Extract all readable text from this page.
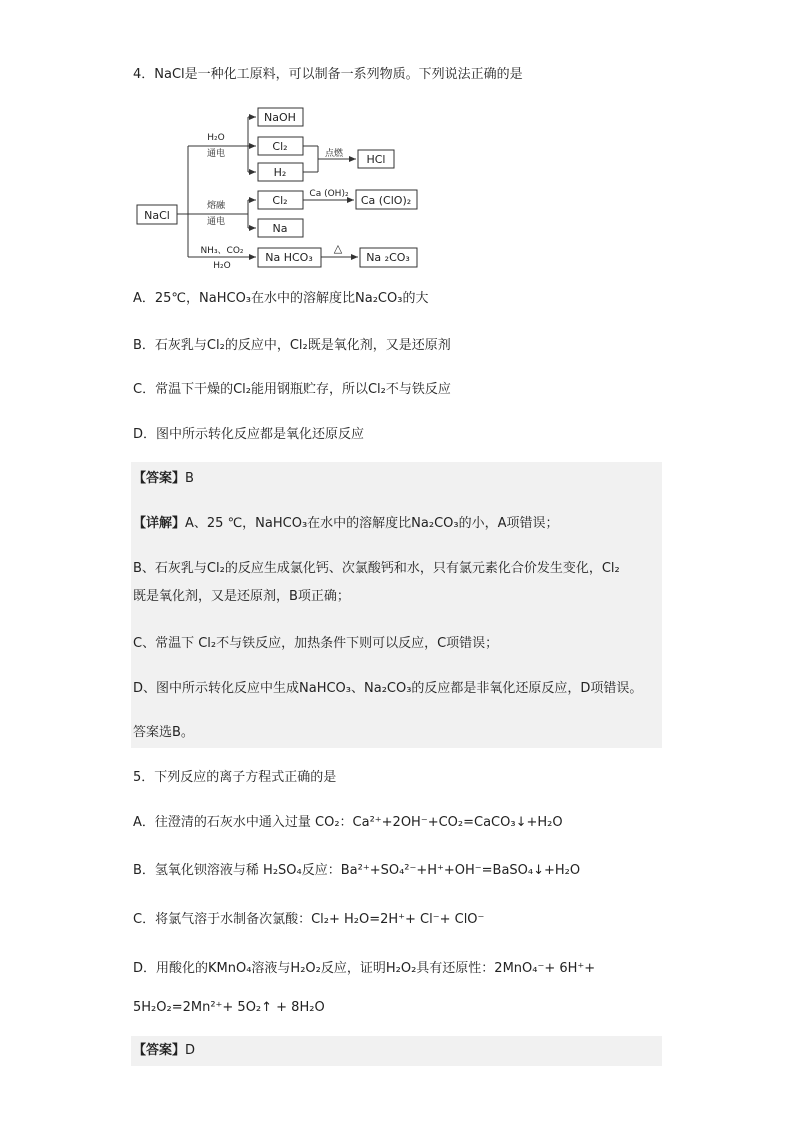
4．NaCl是一种化工原料，可以制备一系列物质。下列说法正确的是
NaCl
H₂O
通电
NaOH
Cl₂
H₂
点燃 HCl
熔融
通电
Cl₂ Ca (OH)₂ Ca (ClO)₂
Na
NH₃、CO₂
H₂O
Na HCO₃
△
Na ₂CO₃
A．25℃，NaHCO₃在水中的溶解度比Na₂CO₃的大
B．石灰乳与Cl₂的反应中，Cl₂既是氧化剂，又是还原剂
C．常温下干燥的Cl₂能用钢瓶贮存，所以Cl₂不与铁反应
D．图中所示转化反应都是氧化还原反应
【答案】B
【详解】A、25 ℃，NaHCO₃在水中的溶解度比Na₂CO₃的小，A项错误；
B、石灰乳与Cl₂的反应生成氯化钙、次氯酸钙和水，只有氯元素化合价发生变化，Cl₂
既是氧化剂，又是还原剂，B项正确；
C、常温下 Cl₂不与铁反应，加热条件下则可以反应，C项错误；
D、图中所示转化反应中生成NaHCO₃、Na₂CO₃的反应都是非氧化还原反应，D项错误。
答案选B。
5．下列反应的离子方程式正确的是
A．往澄清的石灰水中通入过量 CO₂：Ca²⁺+2OH⁻+CO₂=CaCO₃↓+H₂O
B．氢氧化钡溶液与稀 H₂SO₄反应：Ba²⁺+SO₄²⁻+H⁺+OH⁻=BaSO₄↓+H₂O
C．将氯气溶于水制备次氯酸：Cl₂+ H₂O=2H⁺+ Cl⁻+ ClO⁻
D．用酸化的KMnO₄溶液与H₂O₂反应，证明H₂O₂具有还原性：2MnO₄⁻+ 6H⁺+
5H₂O₂=2Mn²⁺+ 5O₂↑ + 8H₂O
【答案】D
